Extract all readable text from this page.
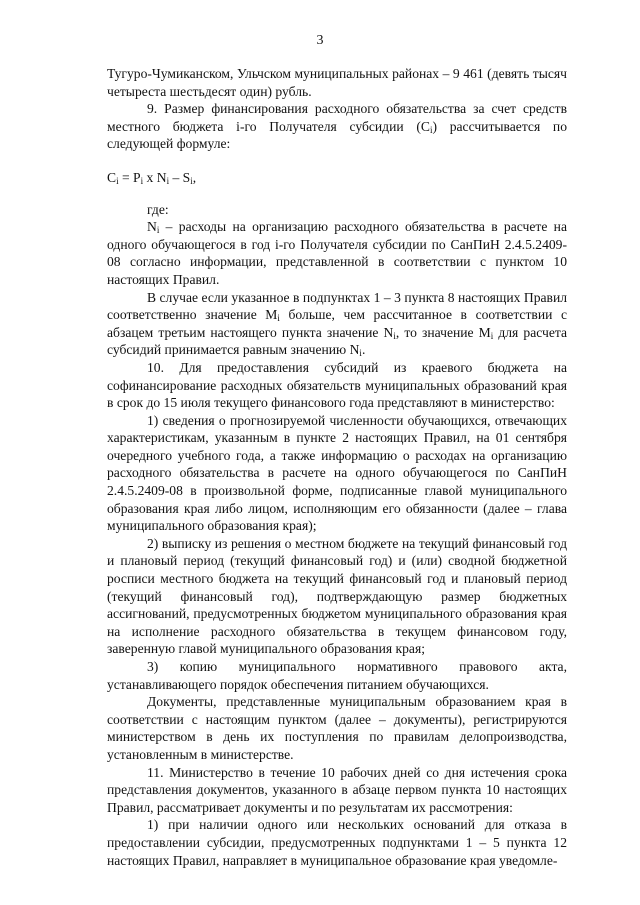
3

Тугуро-Чумиканском, Ульчском муниципальных районах – 9 461 (девять тысяч четыреста шестьдесят один) рубль.

9. Размер финансирования расходного обязательства за счет средств местного бюджета i-го Получателя субсидии $(C_i)$ рассчитывается по следующей формуле:

$C_i = P_i$ x $N_i - S_i$,

где:

$N_i$ – расходы на организацию расходного обязательства в расчете на одного обучающегося в год i-го Получателя субсидии по СанПиН 2.4.5.2409-08 согласно информации, представленной в соответствии с пунктом 10 настоящих Правил.

В случае если указанное в подпунктах 1 – 3 пункта 8 настоящих Правил соответственно значение $M_i$ больше, чем рассчитанное в соответствии с абзацем третьим настоящего пункта значение $N_i$, то значение $M_i$ для расчета субсидий принимается равным значению $N_i$.

10. Для предоставления субсидий из краевого бюджета на софинансирование расходных обязательств муниципальных образований края в срок до 15 июля текущего финансового года представляют в министерство:

1) сведения о прогнозируемой численности обучающихся, отвечающих характеристикам, указанным в пункте 2 настоящих Правил, на 01 сентября очередного учебного года, а также информацию о расходах на организацию расходного обязательства в расчете на одного обучающегося по СанПиН 2.4.5.2409-08 в произвольной форме, подписанные главой муниципального образования края либо лицом, исполняющим его обязанности (далее – глава муниципального образования края);

2) выписку из решения о местном бюджете на текущий финансовый год и плановый период (текущий финансовый год) и (или) сводной бюджетной росписи местного бюджета на текущий финансовый год и плановый период (текущий финансовый год), подтверждающую размер бюджетных ассигнований, предусмотренных бюджетом муниципального образования края на исполнение расходного обязательства в текущем финансовом году, заверенную главой муниципального образования края;

3) копию муниципального нормативного правового акта, устанавливающего порядок обеспечения питанием обучающихся.

Документы, представленные муниципальным образованием края в соответствии с настоящим пунктом (далее – документы), регистрируются министерством в день их поступления по правилам делопроизводства, установленным в министерстве.

11. Министерство в течение 10 рабочих дней со дня истечения срока представления документов, указанного в абзаце первом пункта 10 настоящих Правил, рассматривает документы и по результатам их рассмотрения:

1) при наличии одного или нескольких оснований для отказа в предоставлении субсидии, предусмотренных подпунктами 1 – 5 пункта 12 настоящих Правил, направляет в муниципальное образование края уведомле-
